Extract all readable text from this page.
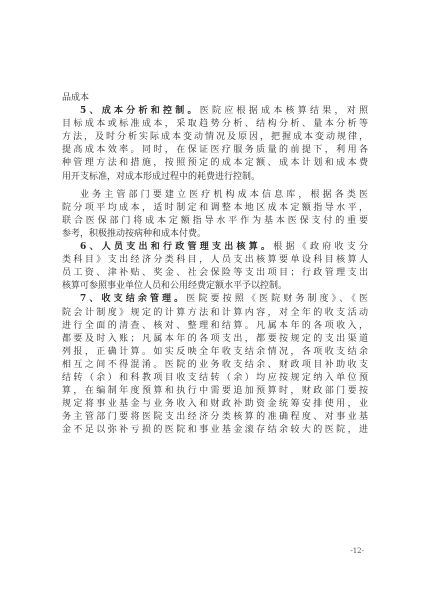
品成本
5、成本分析和控制。医院应根据成本核算结果，对照
目标成本或标准成本，采取趋势分析、结构分析、量本分析等
方法，及时分析实际成本变动情况及原因，把握成本变动规律，
提高成本效率。同时，在保证医疗服务质量的前提下，利用各
种管理方法和措施，按照预定的成本定额、成本计划和成本费
用开支标准，对成本形成过程中的耗费进行控制。
业务主管部门要建立医疗机构成本信息库，根据各类医
院分项平均成本，适时制定和调整本地区成本定额指导水平，
联合医保部门将成本定额指导水平作为基本医保支付的重要
参考，积极推动按病种和成本付费。
6、人员支出和行政管理支出核算。根据《政府收支分
类科目》支出经济分类科目，人员支出核算要单设科目核算人
员工资、津补贴、奖金、社会保险等支出项目；行政管理支出
核算可参照事业单位人员和公用经费定额水平予以控制。
7、收支结余管理。医院要按照《医院财务制度》、《医
院会计制度》规定的计算方法和计算内容，对全年的收支活动
进行全面的清查、核对、整理和结算。凡属本年的各项收入，
都要及时入账；凡属本年的各项支出，都要按规定的支出渠道
列报，正确计算。如实反映全年收支结余情况，各项收支结余
相互之间不得混淆。医院的业务收支结余、财政项目补助收支
结转（余）和科教项目收支结转（余）均应按规定纳入单位预
算，在编制年度预算和执行中需要追加预算时，财政部门要按
规定将事业基金与业务收入和财政补助资金统筹安排使用，业
务主管部门要将医院支出经济分类核算的准确程度、对事业基
金不足以弥补亏损的医院和事业基金滚存结余较大的医院，进
-12-
